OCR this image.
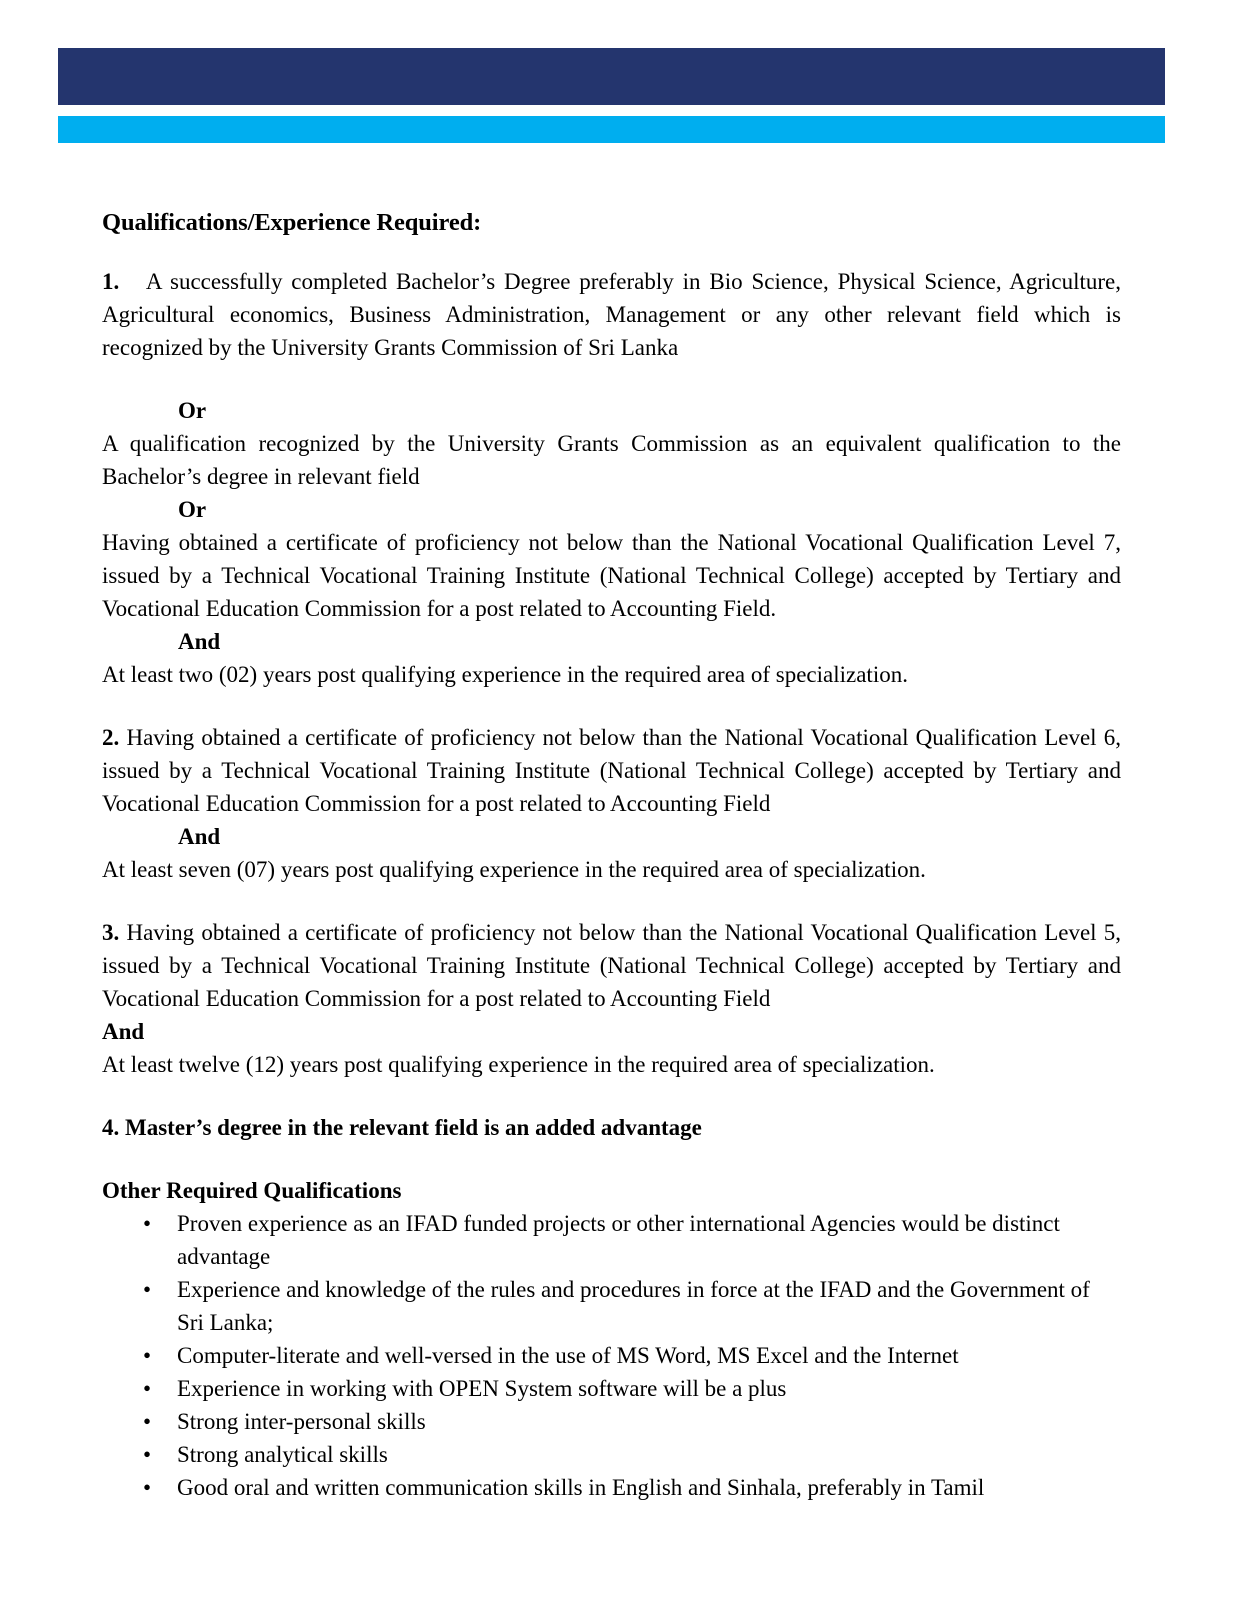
Qualifications/Experience Required:

1. A successfully completed Bachelor’s Degree preferably in Bio Science, Physical Science, Agriculture, Agricultural economics, Business Administration, Management or any other relevant field which is recognized by the University Grants Commission of Sri Lanka

Or

A qualification recognized by the University Grants Commission as an equivalent qualification to the Bachelor’s degree in relevant field

Or

Having obtained a certificate of proficiency not below than the National Vocational Qualification Level 7, issued by a Technical Vocational Training Institute (National Technical College) accepted by Tertiary and Vocational Education Commission for a post related to Accounting Field.

And

At least two (02) years post qualifying experience in the required area of specialization.

2. Having obtained a certificate of proficiency not below than the National Vocational Qualification Level 6, issued by a Technical Vocational Training Institute (National Technical College) accepted by Tertiary and Vocational Education Commission for a post related to Accounting Field

And

At least seven (07) years post qualifying experience in the required area of specialization.

3. Having obtained a certificate of proficiency not below than the National Vocational Qualification Level 5, issued by a Technical Vocational Training Institute (National Technical College) accepted by Tertiary and Vocational Education Commission for a post related to Accounting Field

And

At least twelve (12) years post qualifying experience in the required area of specialization.

4. Master’s degree in the relevant field is an added advantage

Other Required Qualifications

• Proven experience as an IFAD funded projects or other international Agencies would be distinct advantage
• Experience and knowledge of the rules and procedures in force at the IFAD and the Government of Sri Lanka;
• Computer-literate and well-versed in the use of MS Word, MS Excel and the Internet
• Experience in working with OPEN System software will be a plus
• Strong inter-personal skills
• Strong analytical skills
• Good oral and written communication skills in English and Sinhala, preferably in Tamil
